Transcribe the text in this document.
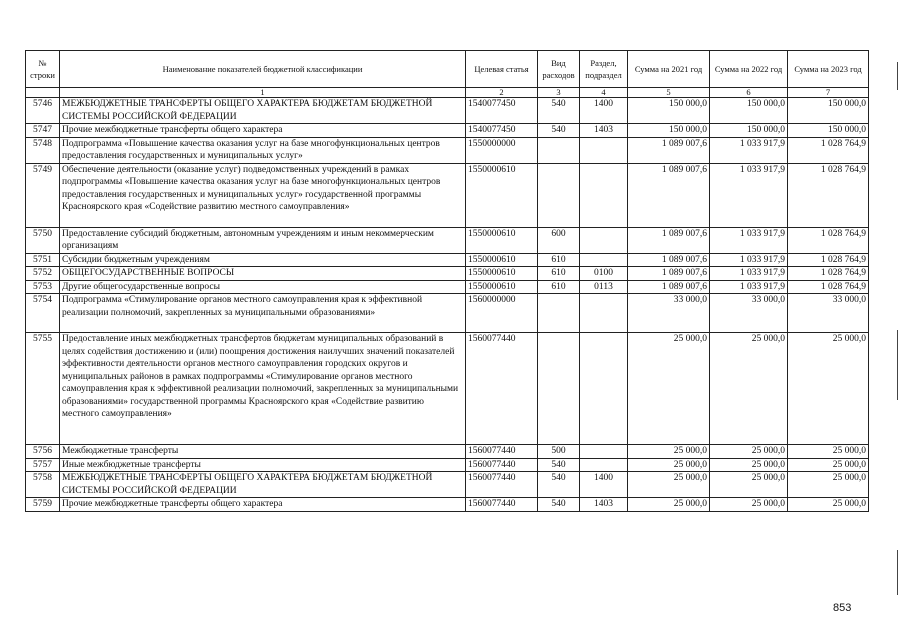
№ строки	Наименование показателей бюджетной классификации	Целевая статья	Вид расходов	Раздел, подраздел	Сумма на 2021 год	Сумма на 2022 год	Сумма на 2023 год
	1	2	3	4	5	6	7
5746	МЕЖБЮДЖЕТНЫЕ ТРАНСФЕРТЫ ОБЩЕГО ХАРАКТЕРА БЮДЖЕТАМ БЮДЖЕТНОЙ СИСТЕМЫ РОССИЙСКОЙ ФЕДЕРАЦИИ	1540077450	540	1400	150 000,0	150 000,0	150 000,0
5747	Прочие межбюджетные трансферты общего характера	1540077450	540	1403	150 000,0	150 000,0	150 000,0
5748	Подпрограмма «Повышение качества оказания услуг на базе многофункциональных центров предоставления государственных и муниципальных услуг»	1550000000			1 089 007,6	1 033 917,9	1 028 764,9
5749	Обеспечение деятельности (оказание услуг) подведомственных учреждений в рамках подпрограммы «Повышение качества оказания услуг на базе многофункциональных центров предоставления государственных и муниципальных услуг» государственной программы Красноярского края «Содействие развитию местного самоуправления»	1550000610			1 089 007,6	1 033 917,9	1 028 764,9
5750	Предоставление субсидий бюджетным, автономным учреждениям и иным некоммерческим организациям	1550000610	600		1 089 007,6	1 033 917,9	1 028 764,9
5751	Субсидии бюджетным учреждениям	1550000610	610		1 089 007,6	1 033 917,9	1 028 764,9
5752	ОБЩЕГОСУДАРСТВЕННЫЕ ВОПРОСЫ	1550000610	610	0100	1 089 007,6	1 033 917,9	1 028 764,9
5753	Другие общегосударственные вопросы	1550000610	610	0113	1 089 007,6	1 033 917,9	1 028 764,9
5754	Подпрограмма «Стимулирование органов местного самоуправления края к эффективной реализации полномочий, закрепленных за муниципальными образованиями»	1560000000			33 000,0	33 000,0	33 000,0
5755	Предоставление иных межбюджетных трансфертов бюджетам муниципальных образований в целях содействия достижению и (или) поощрения достижения наилучших значений показателей эффективности деятельности органов местного самоуправления городских округов и муниципальных районов в рамках подпрограммы «Стимулирование органов местного самоуправления края к эффективной реализации полномочий, закрепленных за муниципальными образованиями» государственной программы Красноярского края «Содействие развитию местного самоуправления»	1560077440			25 000,0	25 000,0	25 000,0
5756	Межбюджетные трансферты	1560077440	500		25 000,0	25 000,0	25 000,0
5757	Иные межбюджетные трансферты	1560077440	540		25 000,0	25 000,0	25 000,0
5758	МЕЖБЮДЖЕТНЫЕ ТРАНСФЕРТЫ ОБЩЕГО ХАРАКТЕРА БЮДЖЕТАМ БЮДЖЕТНОЙ СИСТЕМЫ РОССИЙСКОЙ ФЕДЕРАЦИИ	1560077440	540	1400	25 000,0	25 000,0	25 000,0
5759	Прочие межбюджетные трансферты общего характера	1560077440	540	1403	25 000,0	25 000,0	25 000,0
853
